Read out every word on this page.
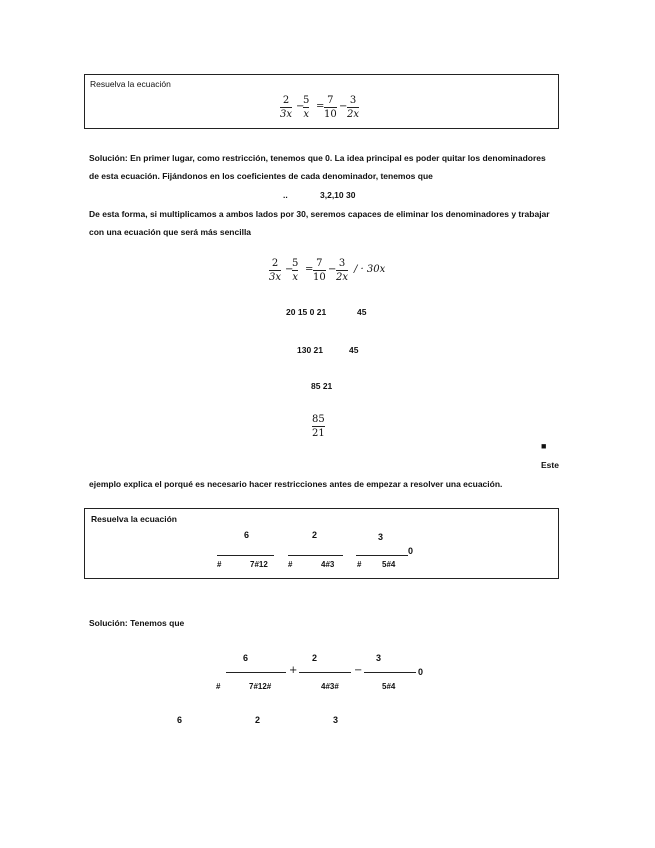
Resuelva la ecuación
2
3x
−
5
x
=
7
10
−
3
2x
Solución: En primer lugar, como restricción, tenemos que 0. La idea principal es poder quitar los denominadores
de esta ecuación. Fijándonos en los coeficientes de cada denominador, tenemos que
..	3,2,10 30
De esta forma, si multiplicamos a ambos lados por 30, seremos capaces de eliminar los denominadores y trabajar
con una ecuación que será más sencilla
2
3x
−
5
x
=
7
10
−
3
2x
/ · 30x
20 15 0 21	45
130 21	45
85 21
85
21
■
Este
ejemplo explica el porqué es necesario hacer restricciones antes de empezar a resolver una ecuación.
Resuelva la ecuación
6	2	3
0
#	7#12	#	4#3	#	5#4
Solución: Tenemos que
6	2	3
+	−	0
#	7#12#	4#3#	5#4
6	2	3
